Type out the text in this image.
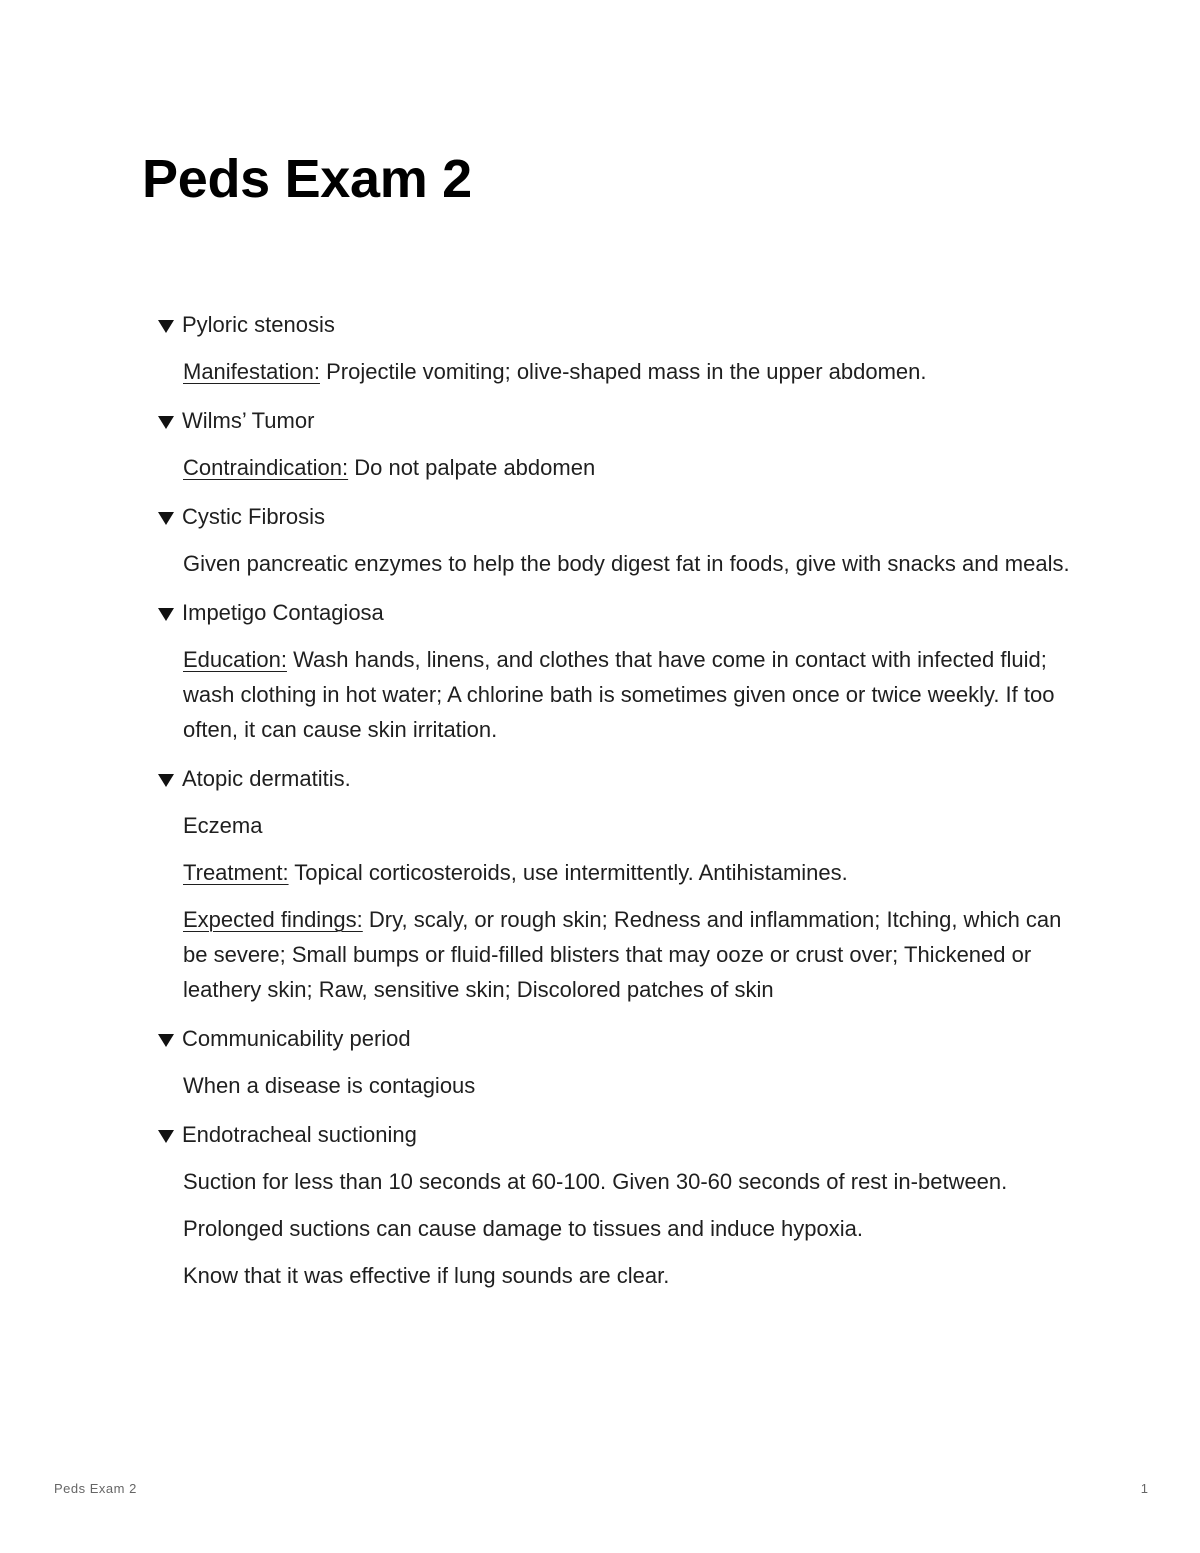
Peds Exam 2
Pyloric stenosis

Manifestation: Projectile vomiting; olive-shaped mass in the upper abdomen.

Wilms’ Tumor

Contraindication: Do not palpate abdomen

Cystic Fibrosis

Given pancreatic enzymes to help the body digest fat in foods, give with snacks and meals.

Impetigo Contagiosa

Education: Wash hands, linens, and clothes that have come in contact with infected fluid; wash clothing in hot water; A chlorine bath is sometimes given once or twice weekly. If too often, it can cause skin irritation.

Atopic dermatitis.

Eczema

Treatment: Topical corticosteroids, use intermittently. Antihistamines.

Expected findings: Dry, scaly, or rough skin; Redness and inflammation; Itching, which can be severe; Small bumps or fluid-filled blisters that may ooze or crust over; Thickened or leathery skin; Raw, sensitive skin; Discolored patches of skin

Communicability period

When a disease is contagious

Endotracheal suctioning

Suction for less than 10 seconds at 60-100. Given 30-60 seconds of rest in-between.

Prolonged suctions can cause damage to tissues and induce hypoxia.

Know that it was effective if lung sounds are clear.

Peds Exam 2	1
